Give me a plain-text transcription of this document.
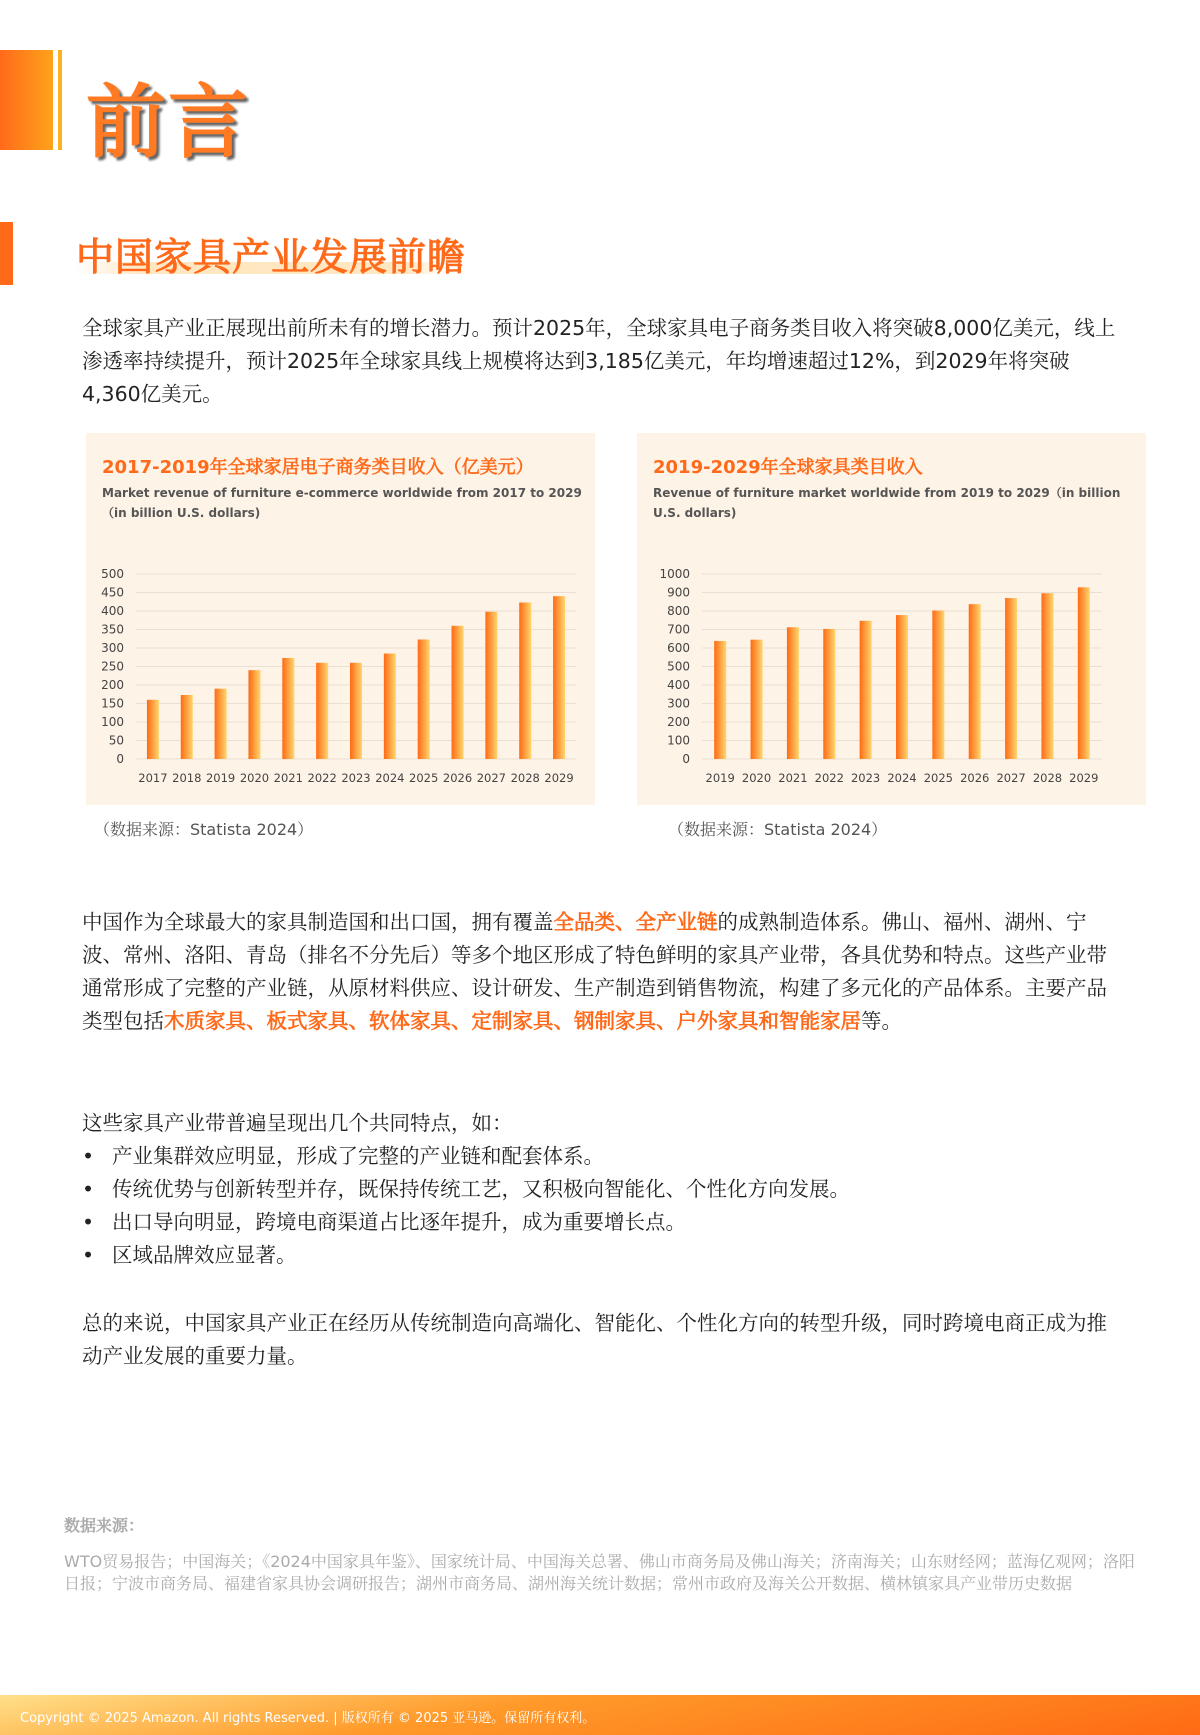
前言
中国家具产业发展前瞻

全球家具产业正展现出前所未有的增长潜力。预计2025年，全球家具电子商务类目收入将突破8,000亿美元，线上渗透率持续提升，预计2025年全球家具线上规模将达到3,185亿美元，年均增速超过12%，到2029年将突破4,360亿美元。

2017-2019年全球家居电子商务类目收入（亿美元）
Market revenue of furniture e-commerce worldwide from 2017 to 2029（in billion U.S. dollars)
0
50
100
150
200
250
300
350
400
450
500
2017 2018 2019 2020 2021 2022 2023 2024 2025 2026 2027 2028 2029
2019-2029年全球家具类目收入
Revenue of furniture market worldwide from 2019 to 2029（in billion U.S. dollars)
0
100
200
300
400
500
600
700
800
900
1000
2019 2020 2021 2022 2023 2024 2025 2026 2027 2028 2029
（数据来源：Statista 2024）	（数据来源：Statista 2024）

中国作为全球最大的家具制造国和出口国，拥有覆盖全品类、全产业链的成熟制造体系。佛山、福州、湖州、宁波、常州、洛阳、青岛（排名不分先后）等多个地区形成了特色鲜明的家具产业带，各具优势和特点。这些产业带通常形成了完整的产业链，从原材料供应、设计研发、生产制造到销售物流，构建了多元化的产品体系。主要产品类型包括木质家具、板式家具、软体家具、定制家具、钢制家具、户外家具和智能家居等。

这些家具产业带普遍呈现出几个共同特点，如：

• 产业集群效应明显，形成了完整的产业链和配套体系。
• 传统优势与创新转型并存，既保持传统工艺，又积极向智能化、个性化方向发展。
• 出口导向明显，跨境电商渠道占比逐年提升，成为重要增长点。
• 区域品牌效应显著。

总的来说，中国家具产业正在经历从传统制造向高端化、智能化、个性化方向的转型升级，同时跨境电商正成为推动产业发展的重要力量。

数据来源：
WTO贸易报告；中国海关；《2024中国家具年鉴》、国家统计局、中国海关总署、佛山市商务局及佛山海关；济南海关；山东财经网；蓝海亿观网；洛阳日报；宁波市商务局、福建省家具协会调研报告；湖州市商务局、湖州海关统计数据；常州市政府及海关公开数据、横林镇家具产业带历史数据
Copyright © 2025 Amazon. All rights Reserved. | 版权所有 © 2025 亚马逊。保留所有权利。
